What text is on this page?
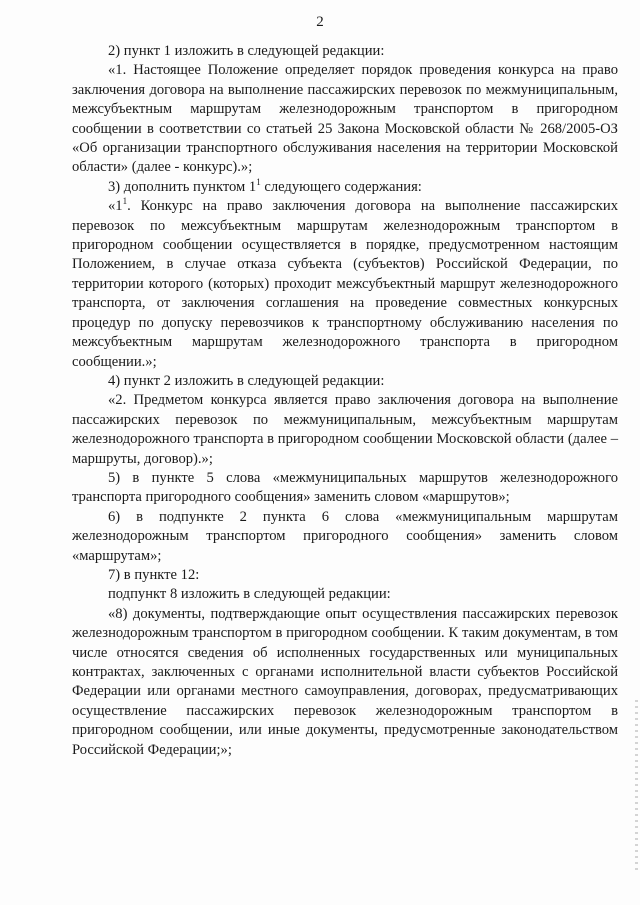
2

2) пункт 1 изложить в следующей редакции:

«1. Настоящее Положение определяет порядок проведения конкурса на право заключения договора на выполнение пассажирских перевозок по межмуниципальным, межсубъектным маршрутам железнодорожным транспортом в пригородном сообщении в соответствии со статьей 25 Закона Московской области № 268/2005-ОЗ «Об организации транспортного обслуживания населения на территории Московской области» (далее - конкурс).»;

3) дополнить пунктом $1^1$ следующего содержания:

«$1^1$. Конкурс на право заключения договора на выполнение пассажирских перевозок по межсубъектным маршрутам железнодорожным транспортом в пригородном сообщении осуществляется в порядке, предусмотренном настоящим Положением, в случае отказа субъекта (субъектов) Российской Федерации, по территории которого (которых) проходит межсубъектный маршрут железнодорожного транспорта, от заключения соглашения на проведение совместных конкурсных процедур по допуску перевозчиков к транспортному обслуживанию населения по межсубъектным маршрутам железнодорожного транспорта в пригородном сообщении.»;

4) пункт 2 изложить в следующей редакции:

«2. Предметом конкурса является право заключения договора на выполнение пассажирских перевозок по межмуниципальным, межсубъектным маршрутам железнодорожного транспорта в пригородном сообщении Московской области (далее – маршруты, договор).»;

5) в пункте 5 слова «межмуниципальных маршрутов железнодорожного транспорта пригородного сообщения» заменить словом «маршрутов»;

6) в подпункте 2 пункта 6 слова «межмуниципальным маршрутам железнодорожным транспортом пригородного сообщения» заменить словом «маршрутам»;

7) в пункте 12:

подпункт 8 изложить в следующей редакции:

«8) документы, подтверждающие опыт осуществления пассажирских перевозок железнодорожным транспортом в пригородном сообщении. К таким документам, в том числе относятся сведения об исполненных государственных или муниципальных контрактах, заключенных с органами исполнительной власти субъектов Российской Федерации или органами местного самоуправления, договорах, предусматривающих осуществление пассажирских перевозок железнодорожным транспортом в пригородном сообщении, или иные документы, предусмотренные законодательством Российской Федерации;»;
